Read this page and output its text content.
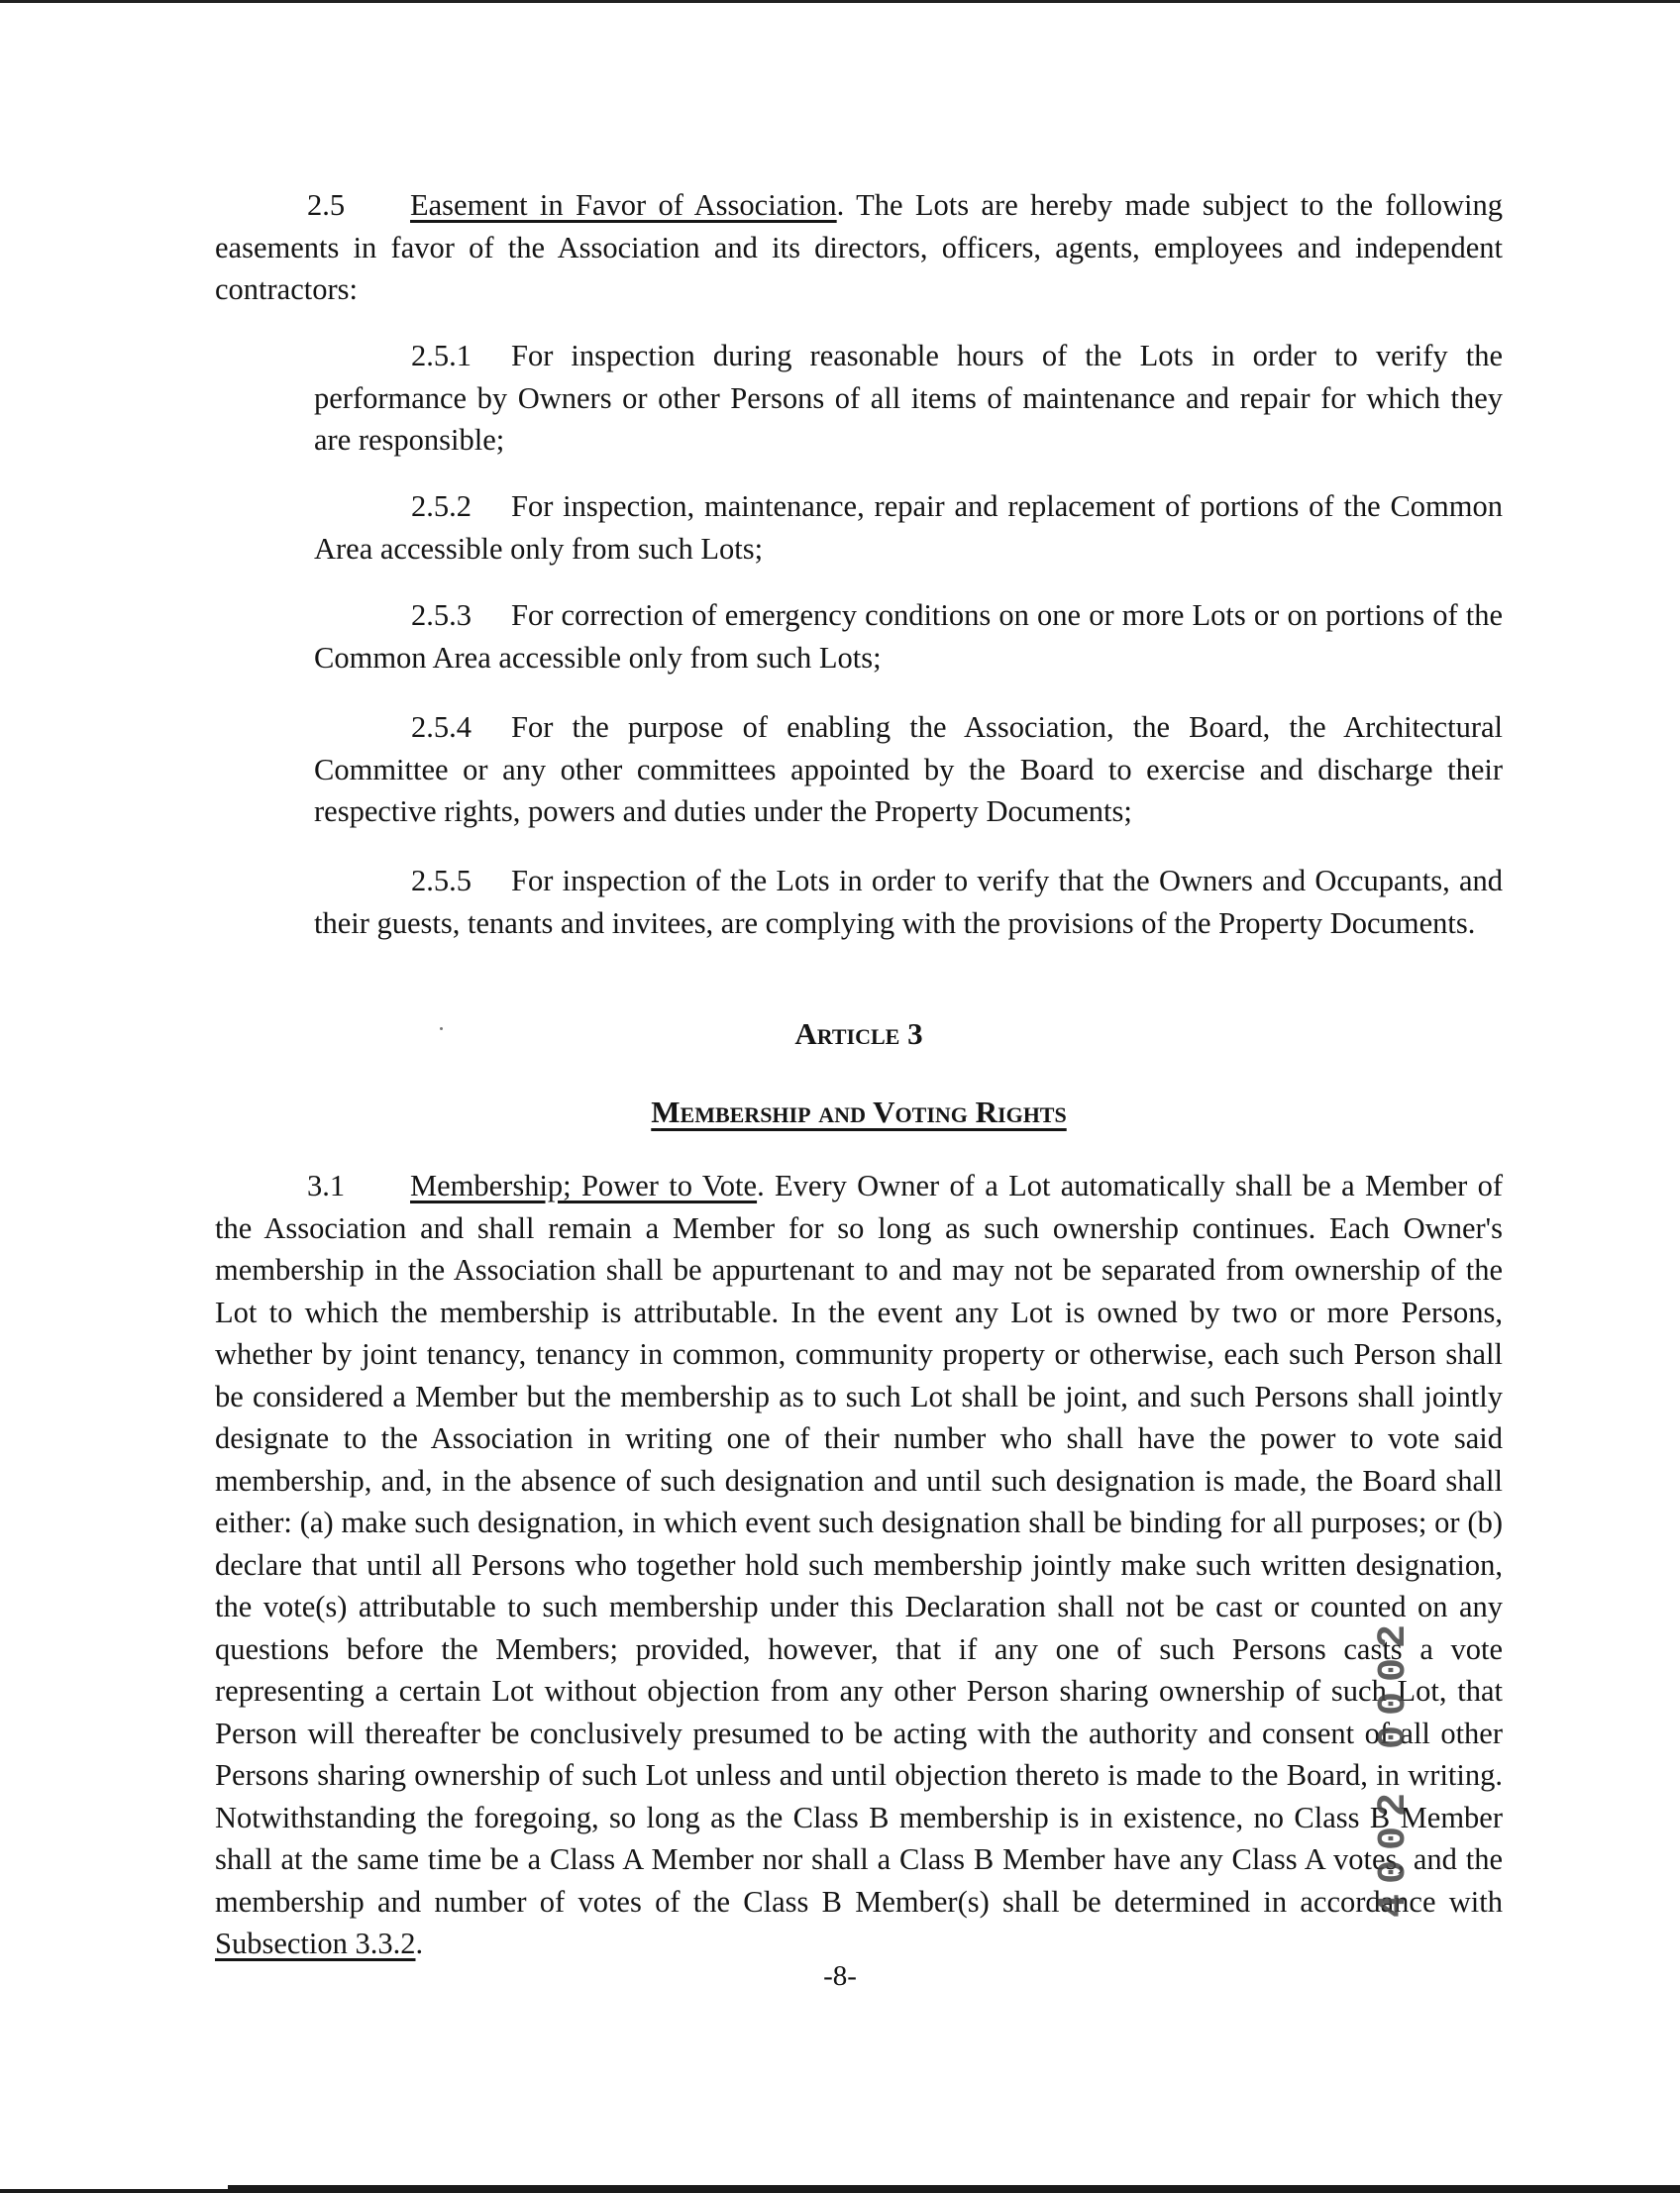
2.5 Easement in Favor of Association. The Lots are hereby made subject to the following easements in favor of the Association and its directors, officers, agents, employees and independent contractors:

2.5.1 For inspection during reasonable hours of the Lots in order to verify the performance by Owners or other Persons of all items of maintenance and repair for which they are responsible;

2.5.2 For inspection, maintenance, repair and replacement of portions of the Common Area accessible only from such Lots;

2.5.3 For correction of emergency conditions on one or more Lots or on portions of the Common Area accessible only from such Lots;

2.5.4 For the purpose of enabling the Association, the Board, the Architectural Committee or any other committees appointed by the Board to exercise and discharge their respective rights, powers and duties under the Property Documents;

2.5.5 For inspection of the Lots in order to verify that the Owners and Occupants, and their guests, tenants and invitees, are complying with the provisions of the Property Documents.

Article 3

Membership and Voting Rights

3.1 Membership; Power to Vote. Every Owner of a Lot automatically shall be a Member of the Association and shall remain a Member for so long as such ownership continues. Each Owner's membership in the Association shall be appurtenant to and may not be separated from ownership of the Lot to which the membership is attributable. In the event any Lot is owned by two or more Persons, whether by joint tenancy, tenancy in common, community property or otherwise, each such Person shall be considered a Member but the membership as to such Lot shall be joint, and such Persons shall jointly designate to the Association in writing one of their number who shall have the power to vote said membership, and, in the absence of such designation and until such designation is made, the Board shall either: (a) make such designation, in which event such designation shall be binding for all purposes; or (b) declare that until all Persons who together hold such membership jointly make such written designation, the vote(s) attributable to such membership under this Declaration shall not be cast or counted on any questions before the Members; provided, however, that if any one of such Persons casts a vote representing a certain Lot without objection from any other Person sharing ownership of such Lot, that Person will thereafter be conclusively presumed to be acting with the authority and consent of all other Persons sharing ownership of such Lot unless and until objection thereto is made to the Board, in writing. Notwithstanding the foregoing, so long as the Class B membership is in existence, no Class B Member shall at the same time be a Class A Member nor shall a Class B Member have any Class A votes, and the membership and number of votes of the Class B Member(s) shall be determined in accordance with Subsection 3.3.2.

4002 0002

-8-
